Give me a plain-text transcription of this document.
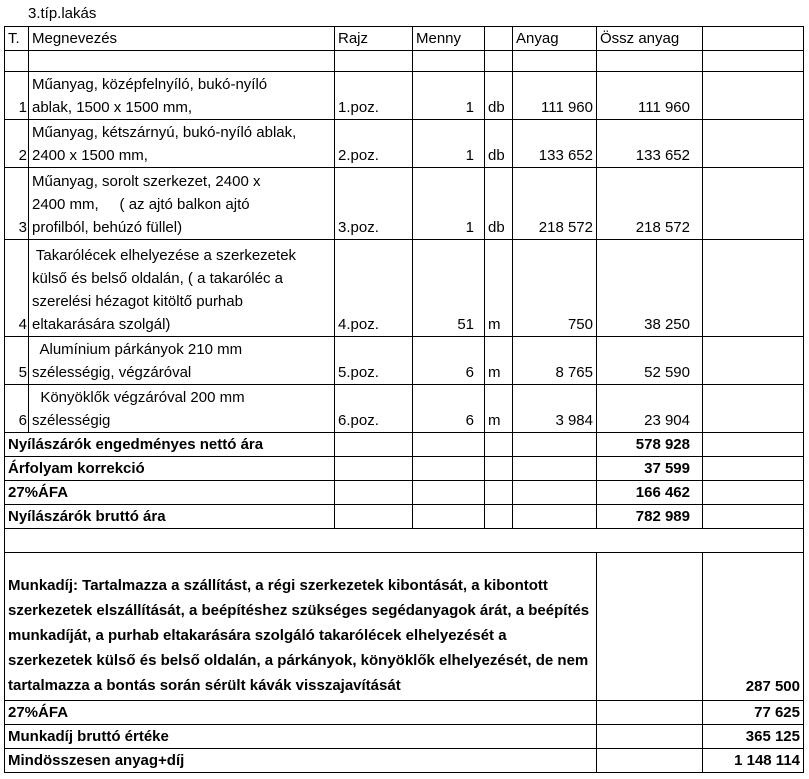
3.típ.lakás
T.	Megnevezés	Rajz	Menny		Anyag	Össz anyag	

1	Műanyag, középfelnyíló, bukó-nyíló
ablak, 1500 x 1500 mm,	1.poz.	1	db	111 960	111 960	
2	Műanyag, kétszárnyú, bukó-nyíló ablak,
2400 x 1500 mm,	2.poz.	1	db	133 652	133 652	
3	Műanyag, sorolt szerkezet, 2400 x
2400 mm,     ( az ajtó balkon ajtó
profilból, behúzó füllel)	3.poz.	1	db	218 572	218 572	
4	Takarólécek elhelyezése a szerkezetek
külső és belső oldalán, ( a takaróléc a
szerelési hézagot kitöltő purhab
eltakarására szolgál)	4.poz.	51	m	750	38 250	
5	Alumínium párkányok 210 mm
szélességig, végzáróval	5.poz.	6	m	8 765	52 590	
6	Könyöklők végzáróval 200 mm
szélességig	6.poz.	6	m	3 984	23 904	
Nyílászárók engedményes nettó ára						578 928	
Árfolyam korrekció						37 599	
27%ÁFA						166 462	
Nyílászárók bruttó ára						782 989	

Munkadíj: Tartalmazza a szállítást, a régi szerkezetek kibontását, a kibontott szerkezetek elszállítását, a beépítéshez szükséges segédanyagok árát, a beépítés munkadíját, a purhab eltakarására szolgáló takarólécek elhelyezését a szerkezetek külső és belső oldalán, a párkányok, könyöklők elhelyezését, de nem tartalmazza a bontás során sérült kávák visszajavítását							287 500
27%ÁFA							77 625
Munkadíj bruttó értéke							365 125
Mindösszesen anyag+díj							1 148 114
